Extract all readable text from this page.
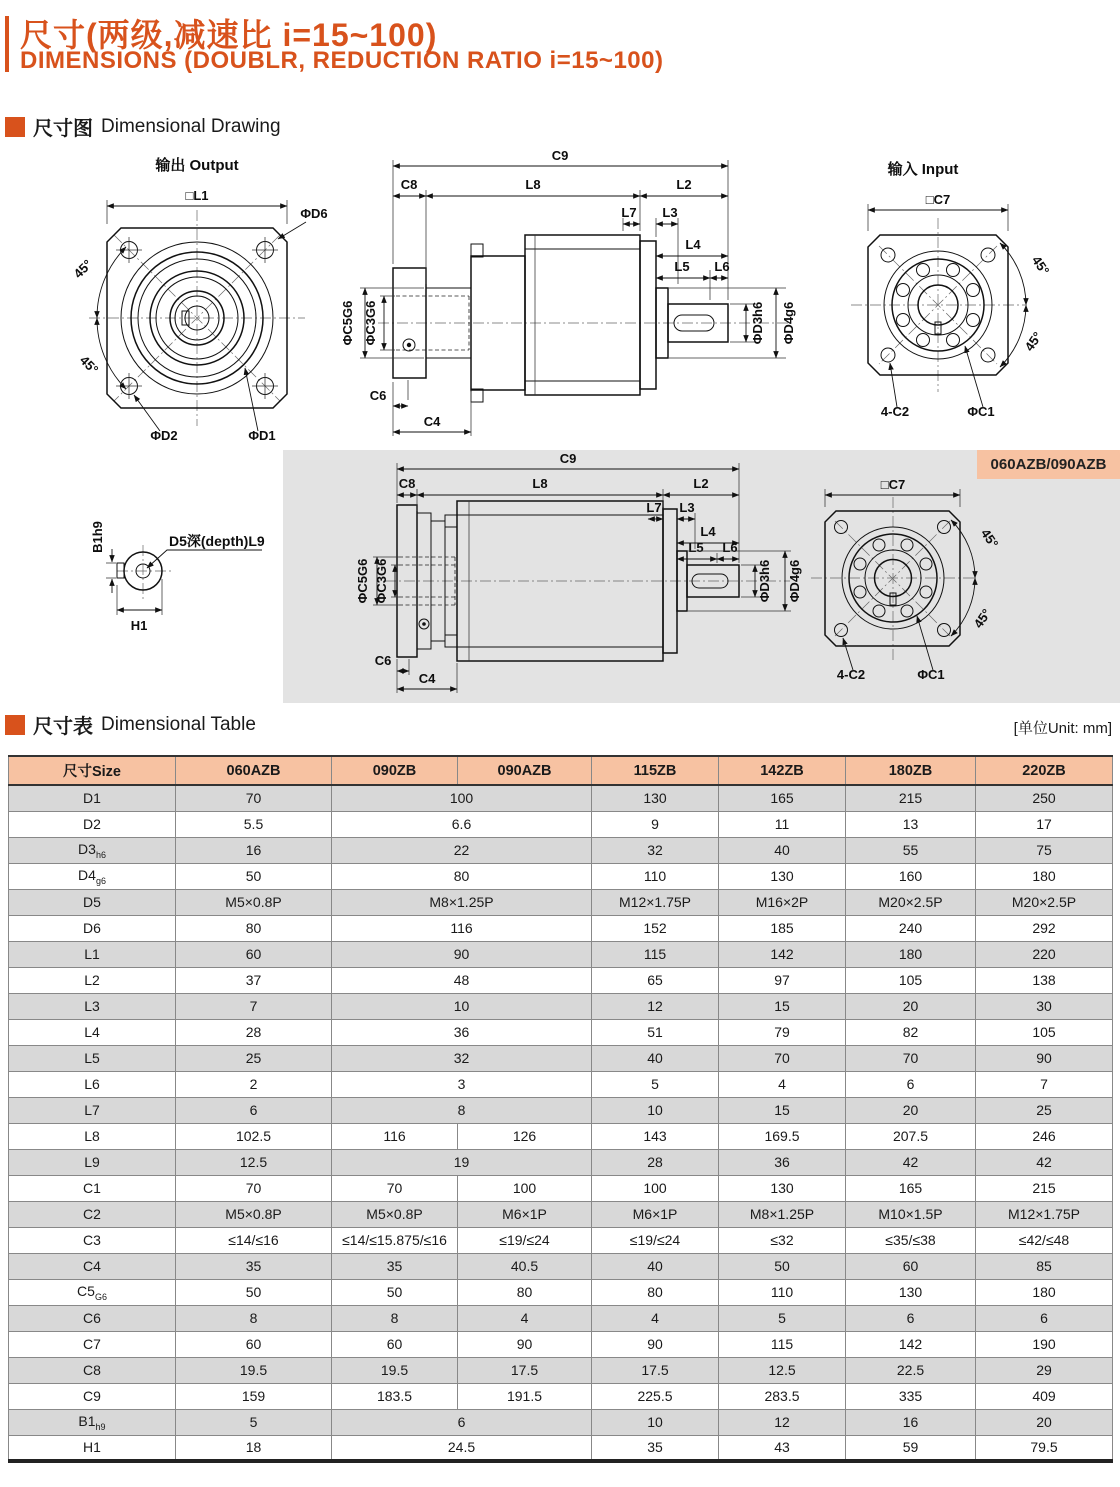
尺寸(两级,减速比 i=15~100)
DIMENSIONS (DOUBLR, REDUCTION RATIO i=15~100)
尺寸图 Dimensional Drawing
输出 Output
□L1
ΦD6
45°
45°
ΦD2	ΦD1
C9
C8	L8	L2
L7 L3
L4
L5 L6
ΦC5G6 ΦC3G6
C6
C4
ΦD3h6 ΦD4g6
输入 Input
□C7
45°
45°
4-C2	ΦC1
060AZB/090AZB
C9
C8	L8	L2
L7 L3
L4
L5 L6
ΦC5G6 ΦC3G6
C6
C4
ΦD3h6 ΦD4g6
□C7
45°
45°
4-C2	ΦC1
B1h9	D5深(depth)L9
H1
尺寸表 Dimensional Table	[单位Unit: mm]
尺寸Size	060AZB	090ZB	090AZB	115ZB	142ZB	180ZB	220ZB
D1	70	100		130	165	215	250
D2	5.5	6.6		9	11	13	17
$D3_{h6}$	16	22		32	40	55	75
$D4_{g6}$	50	80		110	130	160	180
D5	M5×0.8P	M8×1.25P		M12×1.75P	M16×2P	M20×2.5P	M20×2.5P
D6	80	116		152	185	240	292
L1	60	90		115	142	180	220
L2	37	48		65	97	105	138
L3	7	10		12	15	20	30
L4	28	36		51	79	82	105
L5	25	32		40	70	70	90
L6	2	3		5	4	6	7
L7	6	8		10	15	20	25
L8	102.5	116	126	143	169.5	207.5	246
L9	12.5	19		28	36	42	42
C1	70	70	100	100	130	165	215
C2	M5×0.8P	M5×0.8P	M6×1P	M6×1P	M8×1.25P	M10×1.5P	M12×1.75P
C3	≤14/≤16	≤14/≤15.875/≤16	≤19/≤24	≤19/≤24	≤32	≤35/≤38	≤42/≤48
C4	35	35	40.5	40	50	60	85
$C5_{G6}$	50	50	80	80	110	130	180
C6	8	8	4	4	5	6	6
C7	60	60	90	90	115	142	190
C8	19.5	19.5	17.5	17.5	12.5	22.5	29
C9	159	183.5	191.5	225.5	283.5	335	409
$B1_{h9}$	5	6		10	12	16	20
H1	18	24.5		35	43	59	79.5
